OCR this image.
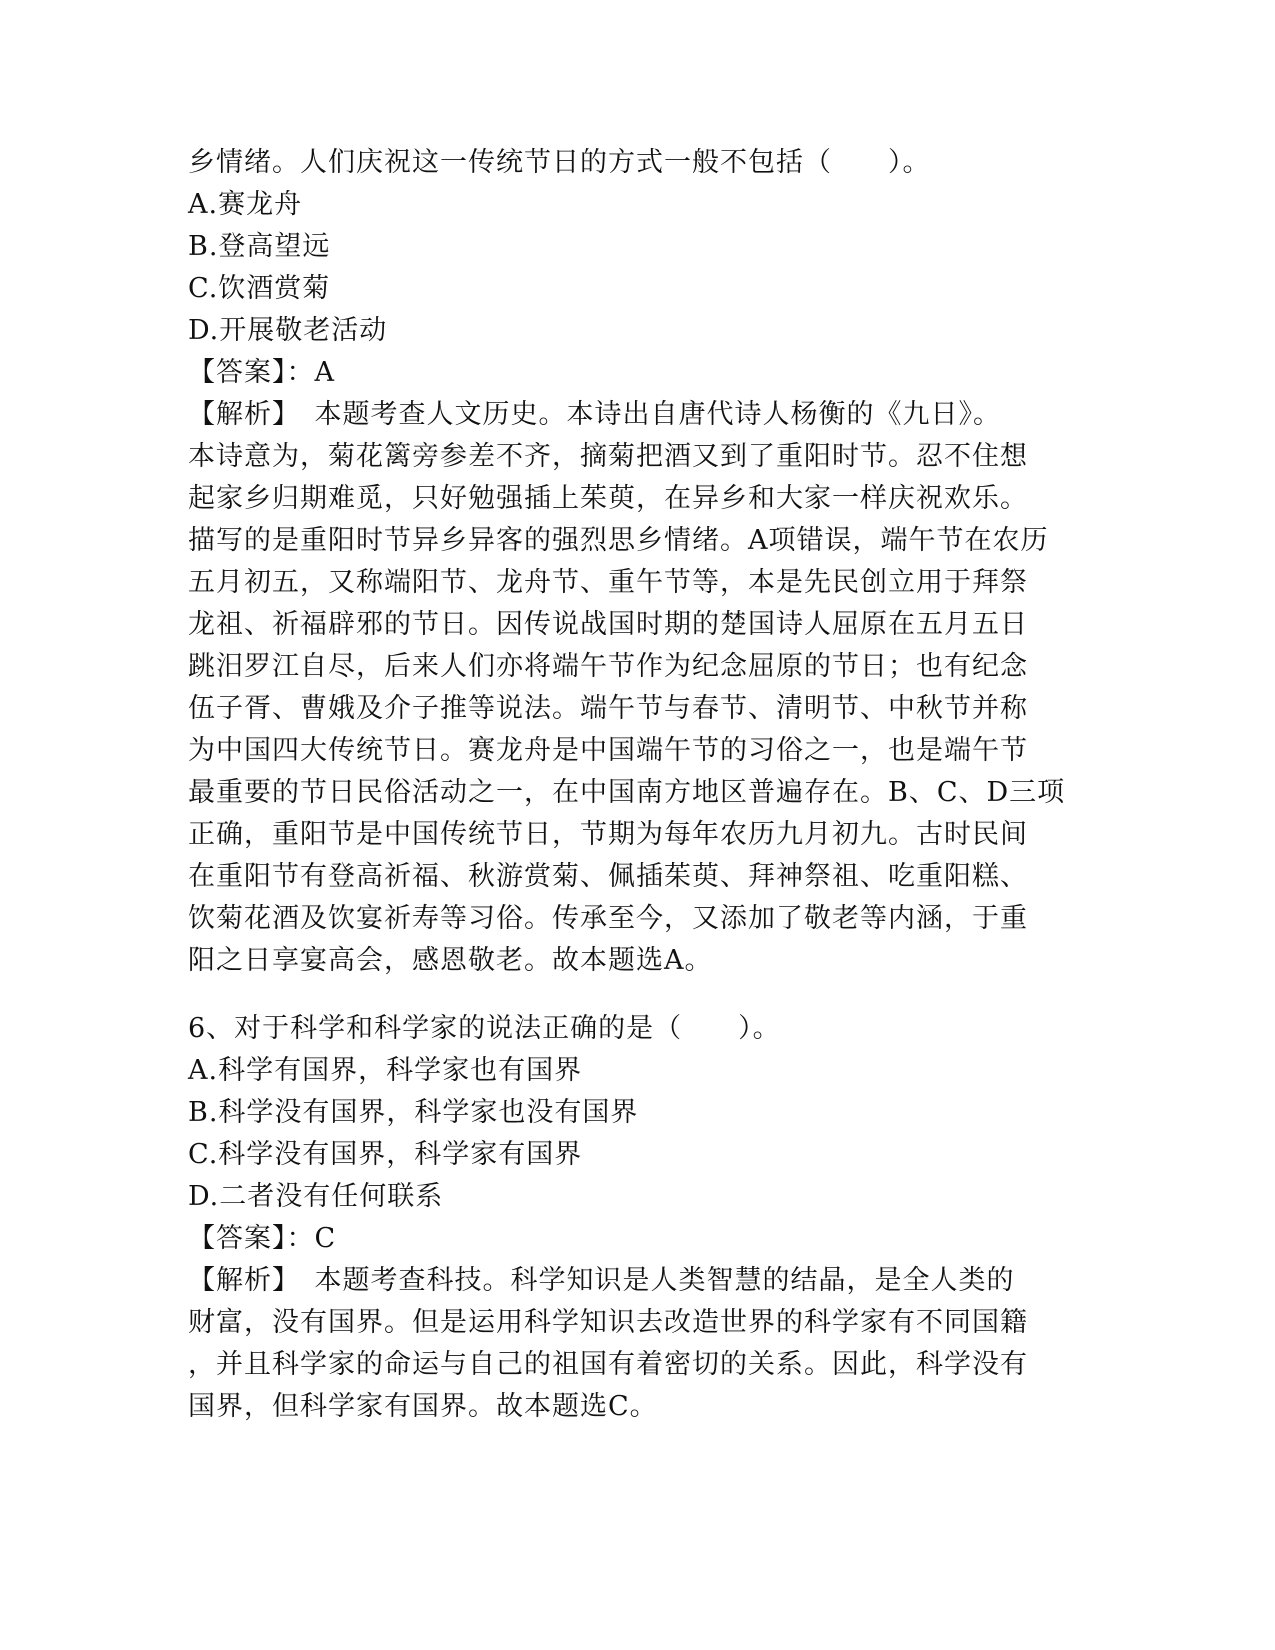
乡情绪。人们庆祝这一传统节日的方式一般不包括（　　）。
A.赛龙舟
B.登高望远
C.饮酒赏菊
D.开展敬老活动
【答案】：A
【解析】　本题考查人文历史。本诗出自唐代诗人杨衡的《九日》。
本诗意为，菊花篱旁参差不齐，摘菊把酒又到了重阳时节。忍不住想
起家乡归期难觅，只好勉强插上茱萸，在异乡和大家一样庆祝欢乐。
描写的是重阳时节异乡异客的强烈思乡情绪。A项错误，端午节在农历
五月初五，又称端阳节、龙舟节、重午节等，本是先民创立用于拜祭
龙祖、祈福辟邪的节日。因传说战国时期的楚国诗人屈原在五月五日
跳汨罗江自尽，后来人们亦将端午节作为纪念屈原的节日；也有纪念
伍子胥、曹娥及介子推等说法。端午节与春节、清明节、中秋节并称
为中国四大传统节日。赛龙舟是中国端午节的习俗之一，也是端午节
最重要的节日民俗活动之一，在中国南方地区普遍存在。B、C、D三项
正确，重阳节是中国传统节日，节期为每年农历九月初九。古时民间
在重阳节有登高祈福、秋游赏菊、佩插茱萸、拜神祭祖、吃重阳糕、
饮菊花酒及饮宴祈寿等习俗。传承至今，又添加了敬老等内涵，于重
阳之日享宴高会，感恩敬老。故本题选A。
6、对于科学和科学家的说法正确的是（　　）。
A.科学有国界，科学家也有国界
B.科学没有国界，科学家也没有国界
C.科学没有国界，科学家有国界
D.二者没有任何联系
【答案】：C
【解析】　本题考查科技。科学知识是人类智慧的结晶，是全人类的
财富，没有国界。但是运用科学知识去改造世界的科学家有不同国籍
，并且科学家的命运与自己的祖国有着密切的关系。因此，科学没有
国界，但科学家有国界。故本题选C。
